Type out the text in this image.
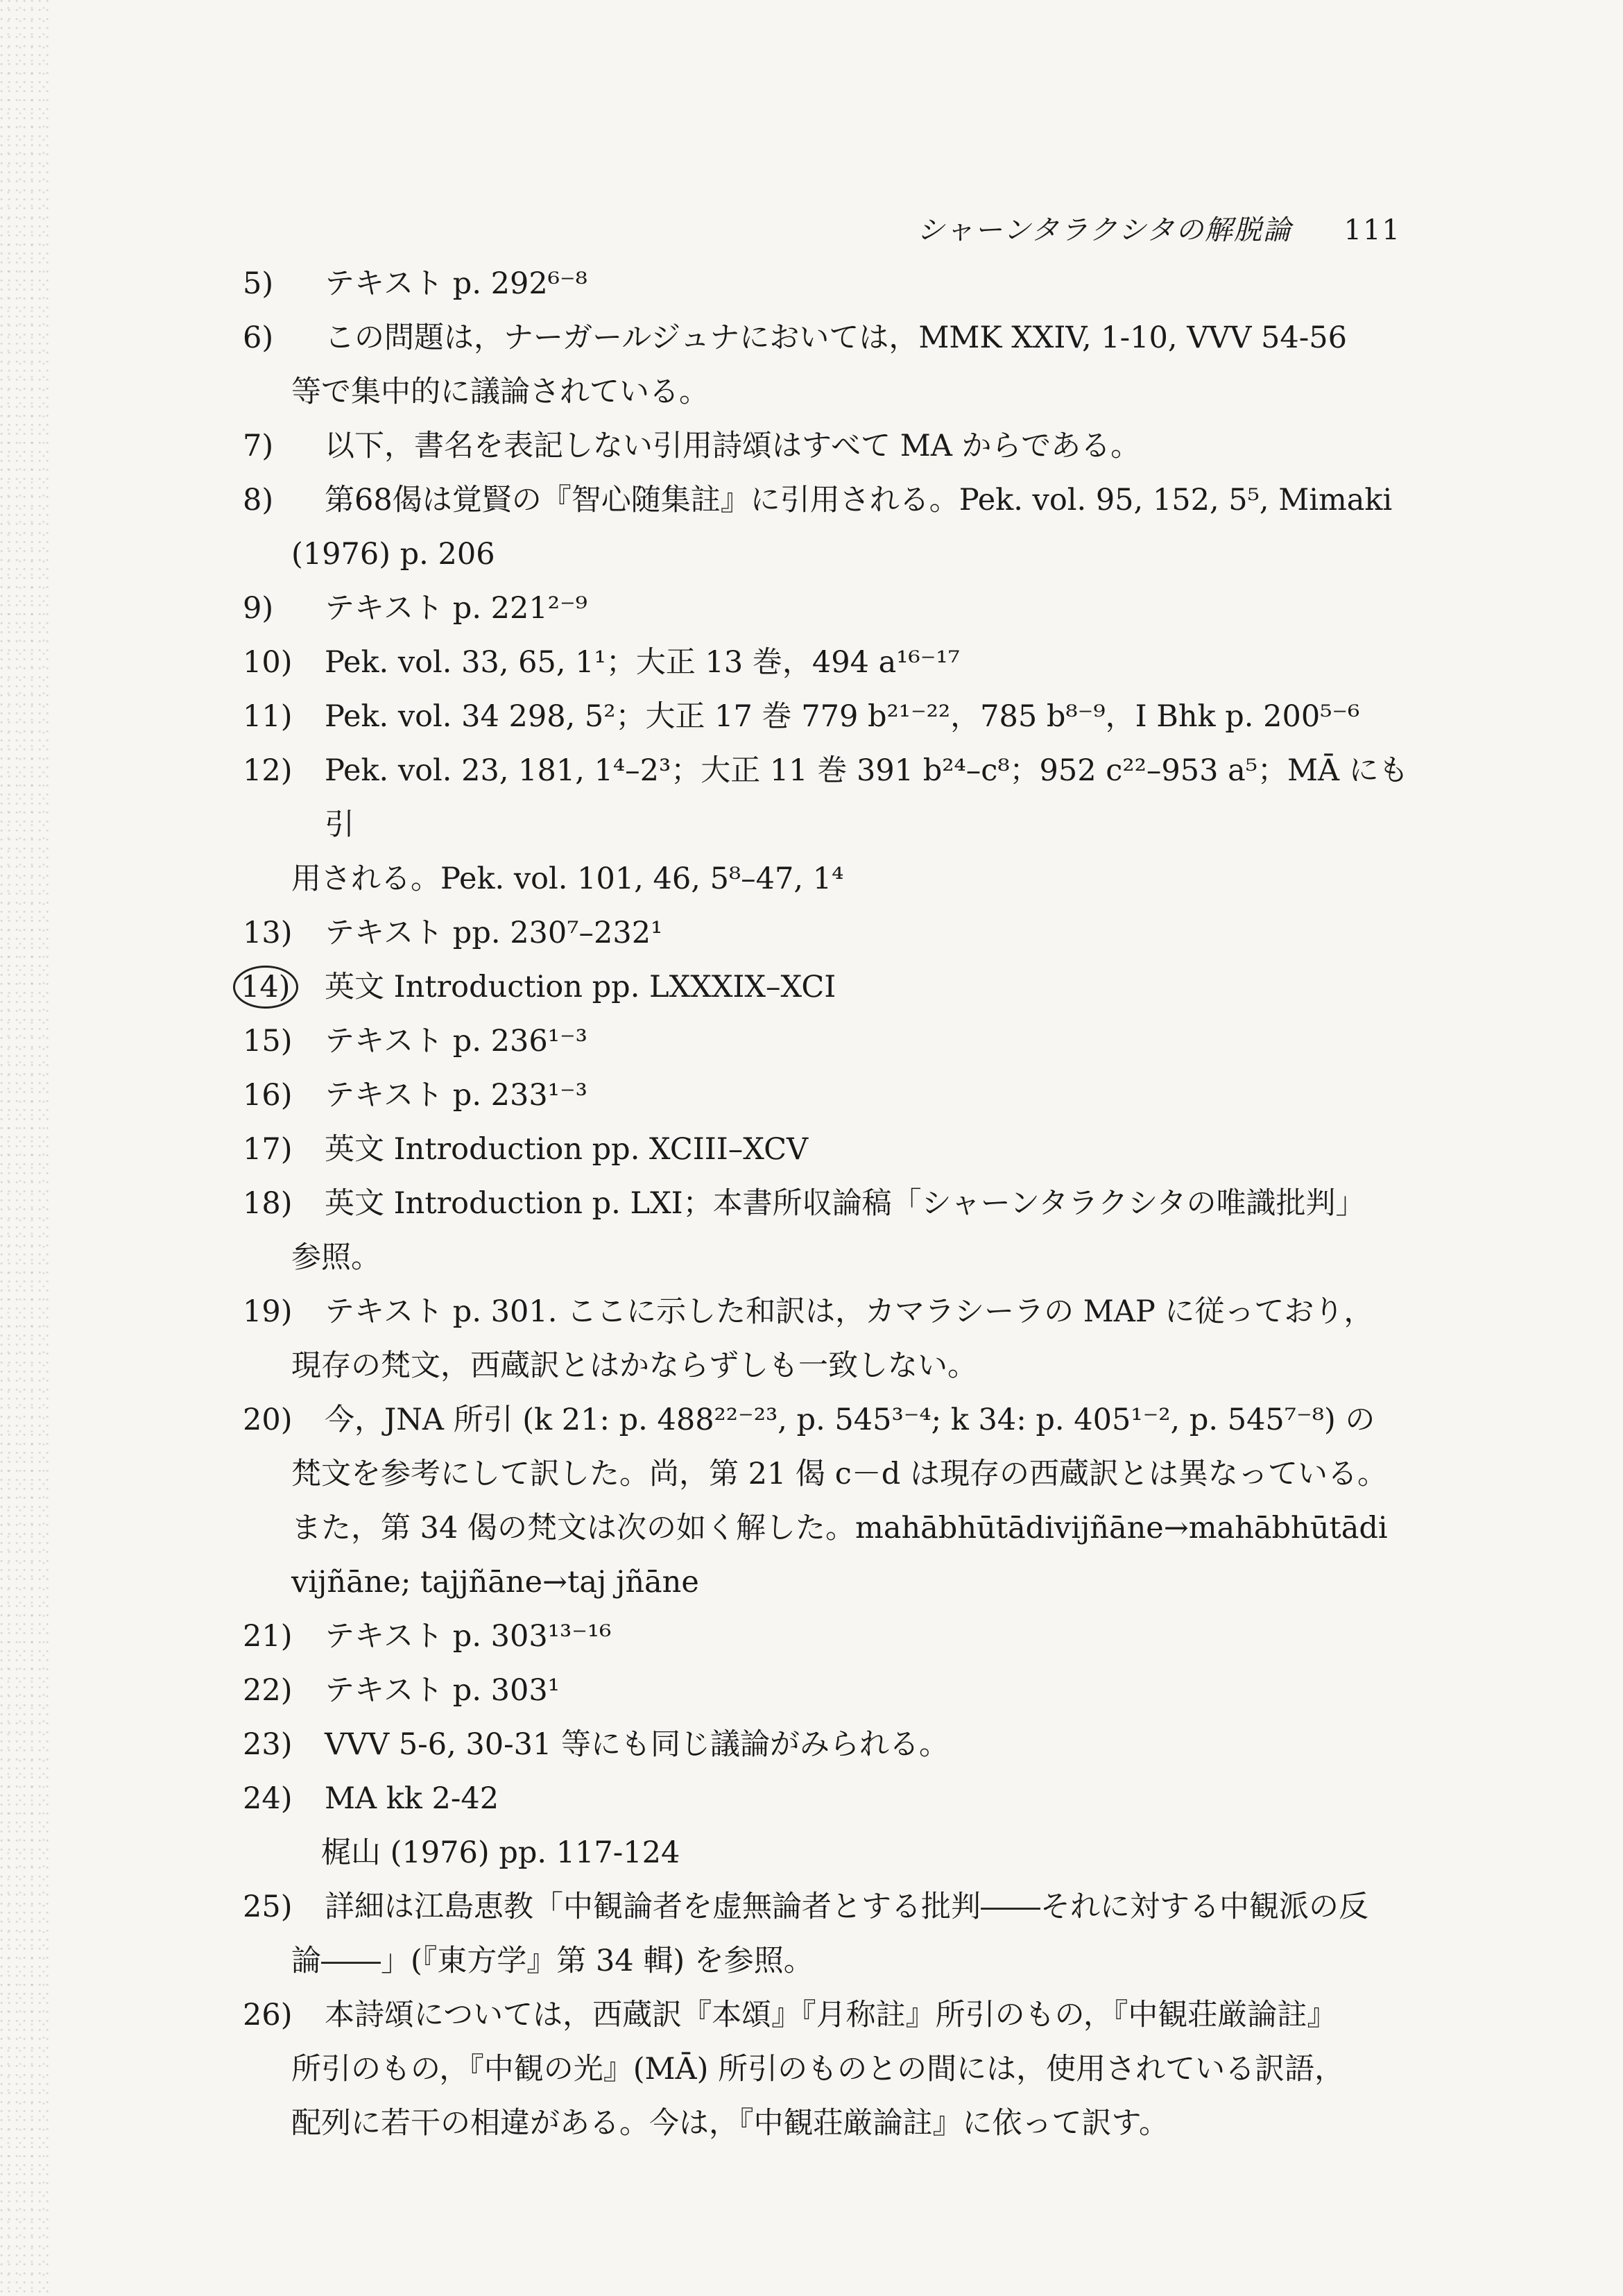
シャーンタラクシタの解脱論 111
5)	テキスト p. 292⁶⁻⁸
6)	この問題は，ナーガールジュナにおいては，MMK XXIV, 1-10, VVV 54-56
等で集中的に議論されている。
7)	以下，書名を表記しない引用詩頌はすべて MA からである。
8)	第68偈は覚賢の『智心随集註』に引用される。Pek. vol. 95, 152, 5⁵, Mimaki
(1976) p. 206
9)	テキスト p. 221²⁻⁹
10)	Pek. vol. 33, 65, 1¹；大正 13 巻，494 a¹⁶⁻¹⁷
11)	Pek. vol. 34 298, 5²；大正 17 巻 779 b²¹⁻²²，785 b⁸⁻⁹，I Bhk p. 200⁵⁻⁶
12)	Pek. vol. 23, 181, 1⁴–2³；大正 11 巻 391 b²⁴–c⁸；952 c²²–953 a⁵；MĀ にも引
用される。Pek. vol. 101, 46, 5⁸–47, 1⁴
13)	テキスト pp. 230⁷–232¹
14)	英文 Introduction pp. LXXXIX–XCI
15)	テキスト p. 236¹⁻³
16)	テキスト p. 233¹⁻³
17)	英文 Introduction pp. XCIII–XCV
18)	英文 Introduction p. LXI；本書所収論稿「シャーンタラクシタの唯識批判」
参照。
19)	テキスト p. 301. ここに示した和訳は，カマラシーラの MAP に従っており，
現存の梵文，西蔵訳とはかならずしも一致しない。
20)	今，JNA 所引 (k 21: p. 488²²⁻²³, p. 545³⁻⁴; k 34: p. 405¹⁻², p. 545⁷⁻⁸) の
梵文を参考にして訳した。尚，第 21 偈 c－d は現存の西蔵訳とは異なっている。
また，第 34 偈の梵文は次の如く解した。mahābhūtādivijñāne→mahābhūtādi
vijñāne; tajjñāne→taj jñāne
21)	テキスト p. 303¹³⁻¹⁶
22)	テキスト p. 303¹
23)	VVV 5-6, 30-31 等にも同じ議論がみられる。
24)	MA kk 2-42
　梶山 (1976) pp. 117-124
25)	詳細は江島恵教「中観論者を虚無論者とする批判――それに対する中観派の反
論――」(『東方学』第 34 輯) を参照。
26)	本詩頌については，西蔵訳『本頌』『月称註』所引のもの，『中観荘厳論註』
所引のもの，『中観の光』(MĀ) 所引のものとの間には，使用されている訳語，
配列に若干の相違がある。今は，『中観荘厳論註』に依って訳す。
